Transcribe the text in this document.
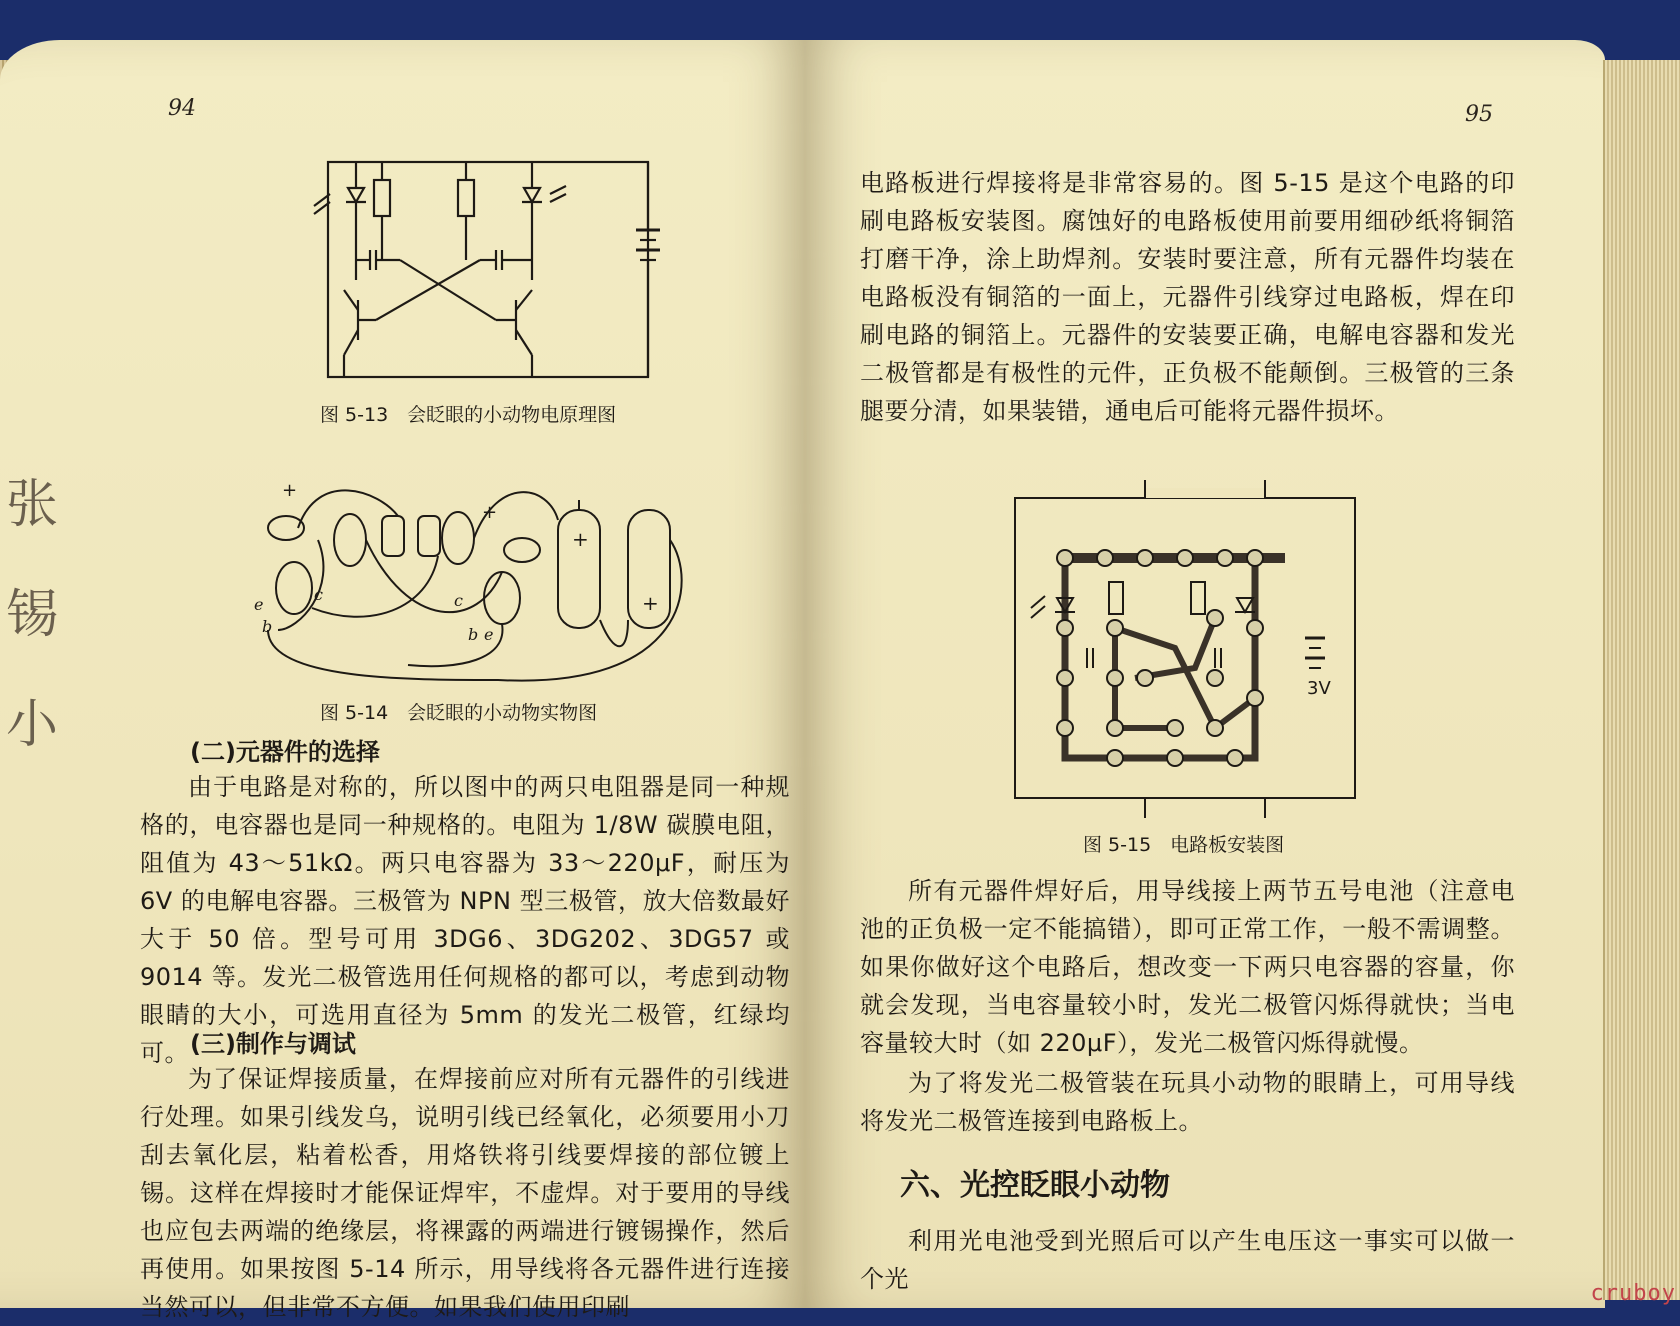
94
图 5-13　会眨眼的小动物电原理图
+
+
c
e
b
c
b e
+
+
图 5-14　会眨眼的小动物实物图
(二)元器件的选择
由于电路是对称的，所以图中的两只电阻器是同一种规格的，电容器也是同一种规格的。电阻为 1/8W 碳膜电阻，阻值为 43～51kΩ。两只电容器为 33～220μF，耐压为 6V 的电解电容器。三极管为 NPN 型三极管，放大倍数最好大于 50 倍。型号可用 3DG6、3DG202、3DG57 或 9014 等。发光二极管选用任何规格的都可以，考虑到动物眼睛的大小，可选用直径为 5mm 的发光二极管，红绿均可。 (三)制作与调试
为了保证焊接质量，在焊接前应对所有元器件的引线进行处理。如果引线发乌，说明引线已经氧化，必须要用小刀刮去氧化层，粘着松香，用烙铁将引线要焊接的部位镀上锡。这样在焊接时才能保证焊牢，不虚焊。对于要用的导线也应包去两端的绝缘层，将裸露的两端进行镀锡操作，然后再使用。如果按图 5-14 所示，用导线将各元器件进行连接当然可以，但非常不方便。如果我们使用印刷
张 锡 小
95
电路板进行焊接将是非常容易的。图 5-15 是这个电路的印刷电路板安装图。腐蚀好的电路板使用前要用细砂纸将铜箔打磨干净，涂上助焊剂。安装时要注意，所有元器件均装在电路板没有铜箔的一面上，元器件引线穿过电路板，焊在印刷电路的铜箔上。元器件的安装要正确，电解电容器和发光二极管都是有极性的元件，正负极不能颠倒。三极管的三条腿要分清，如果装错，通电后可能将元器件损坏。
3V
图 5-15　电路板安装图
所有元器件焊好后，用导线接上两节五号电池（注意电池的正负极一定不能搞错），即可正常工作，一般不需调整。如果你做好这个电路后，想改变一下两只电容器的容量，你就会发现，当电容量较小时，发光二极管闪烁得就快；当电容量较大时（如 220μF），发光二极管闪烁得就慢。
为了将发光二极管装在玩具小动物的眼睛上，可用导线将发光二极管连接到电路板上。
六、光控眨眼小动物
利用光电池受到光照后可以产生电压这一事实可以做一个光
cruboy
